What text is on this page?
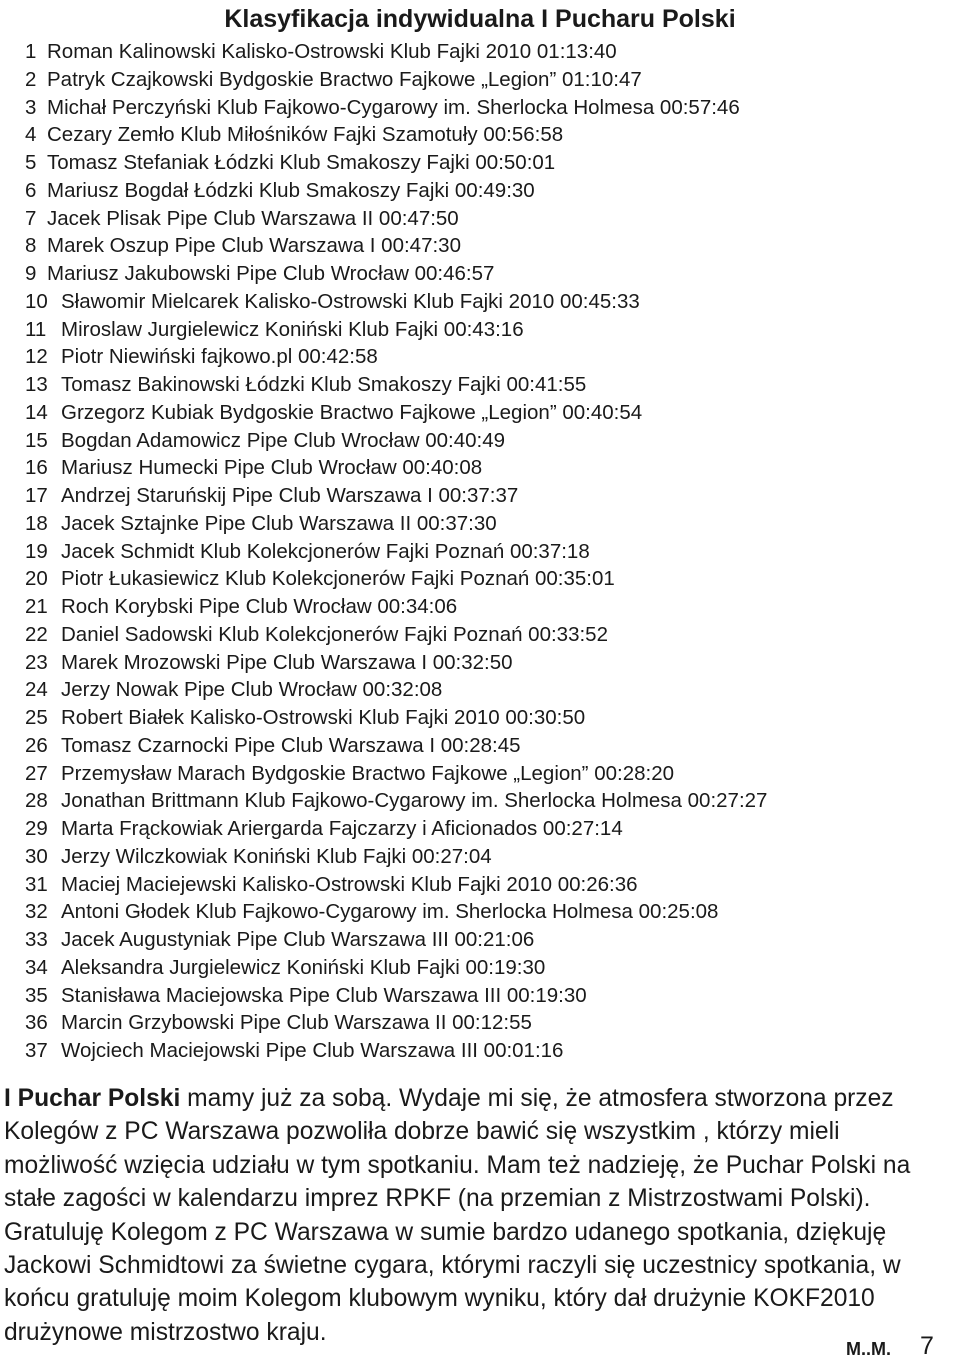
Klasyfikacja indywidualna I Pucharu Polski
1 Roman Kalinowski Kalisko-Ostrowski Klub Fajki 2010 01:13:40
2 Patryk Czajkowski Bydgoskie Bractwo Fajkowe „Legion” 01:10:47
3 Michał Perczyński Klub Fajkowo-Cygarowy im. Sherlocka Holmesa 00:57:46
4 Cezary Zemło Klub Miłośników Fajki Szamotuły 00:56:58
5 Tomasz Stefaniak Łódzki Klub Smakoszy Fajki 00:50:01
6 Mariusz Bogdał Łódzki Klub Smakoszy Fajki 00:49:30
7 Jacek Plisak Pipe Club Warszawa II 00:47:50
8 Marek Oszup Pipe Club Warszawa I 00:47:30
9 Mariusz Jakubowski Pipe Club Wrocław 00:46:57
10 Sławomir Mielcarek Kalisko-Ostrowski Klub Fajki 2010 00:45:33
11 Miroslaw Jurgielewicz Koniński Klub Fajki 00:43:16
12 Piotr Niewiński fajkowo.pl 00:42:58
13 Tomasz Bakinowski Łódzki Klub Smakoszy Fajki 00:41:55
14 Grzegorz Kubiak Bydgoskie Bractwo Fajkowe „Legion” 00:40:54
15 Bogdan Adamowicz Pipe Club Wrocław 00:40:49
16 Mariusz Humecki Pipe Club Wrocław 00:40:08
17 Andrzej Staruńskij Pipe Club Warszawa I 00:37:37
18 Jacek Sztajnke Pipe Club Warszawa II 00:37:30
19 Jacek Schmidt Klub Kolekcjonerów Fajki Poznań 00:37:18
20 Piotr Łukasiewicz Klub Kolekcjonerów Fajki Poznań 00:35:01
21 Roch Korybski Pipe Club Wrocław 00:34:06
22 Daniel Sadowski Klub Kolekcjonerów Fajki Poznań 00:33:52
23 Marek Mrozowski Pipe Club Warszawa I 00:32:50
24 Jerzy Nowak Pipe Club Wrocław 00:32:08
25 Robert Białek Kalisko-Ostrowski Klub Fajki 2010 00:30:50
26 Tomasz Czarnocki Pipe Club Warszawa I 00:28:45
27 Przemysław Marach Bydgoskie Bractwo Fajkowe „Legion” 00:28:20
28 Jonathan Brittmann Klub Fajkowo-Cygarowy im. Sherlocka Holmesa 00:27:27
29 Marta Frąckowiak Ariergarda Fajczarzy i Aficionados 00:27:14
30 Jerzy Wilczkowiak Koniński Klub Fajki 00:27:04
31 Maciej Maciejewski Kalisko-Ostrowski Klub Fajki 2010 00:26:36
32 Antoni Głodek Klub Fajkowo-Cygarowy im. Sherlocka Holmesa 00:25:08
33 Jacek Augustyniak Pipe Club Warszawa III 00:21:06
34 Aleksandra Jurgielewicz Koniński Klub Fajki 00:19:30
35 Stanisława Maciejowska Pipe Club Warszawa III 00:19:30
36 Marcin Grzybowski Pipe Club Warszawa II 00:12:55
37 Wojciech Maciejowski Pipe Club Warszawa III 00:01:16

I Puchar Polski mamy już za sobą. Wydaje mi się, że atmosfera stworzona przez Kolegów z PC Warszawa pozwoliła dobrze bawić się wszystkim , którzy mieli możliwość wzięcia udziału w tym spotkaniu. Mam też nadzieję, że Puchar Polski na stałe zagości w kalendarzu imprez RPKF (na przemian z Mistrzostwami Polski). Gratuluję Kolegom z PC Warszawa w sumie bardzo udanego spotkania, dziękuję Jackowi Schmidtowi za świetne cygara, którymi raczyli się uczestnicy spotkania, w końcu gratuluję moim Kolegom klubowym wyniku, który dał drużynie KOKF2010 drużynowe mistrzostwo kraju.

M..M. 7
